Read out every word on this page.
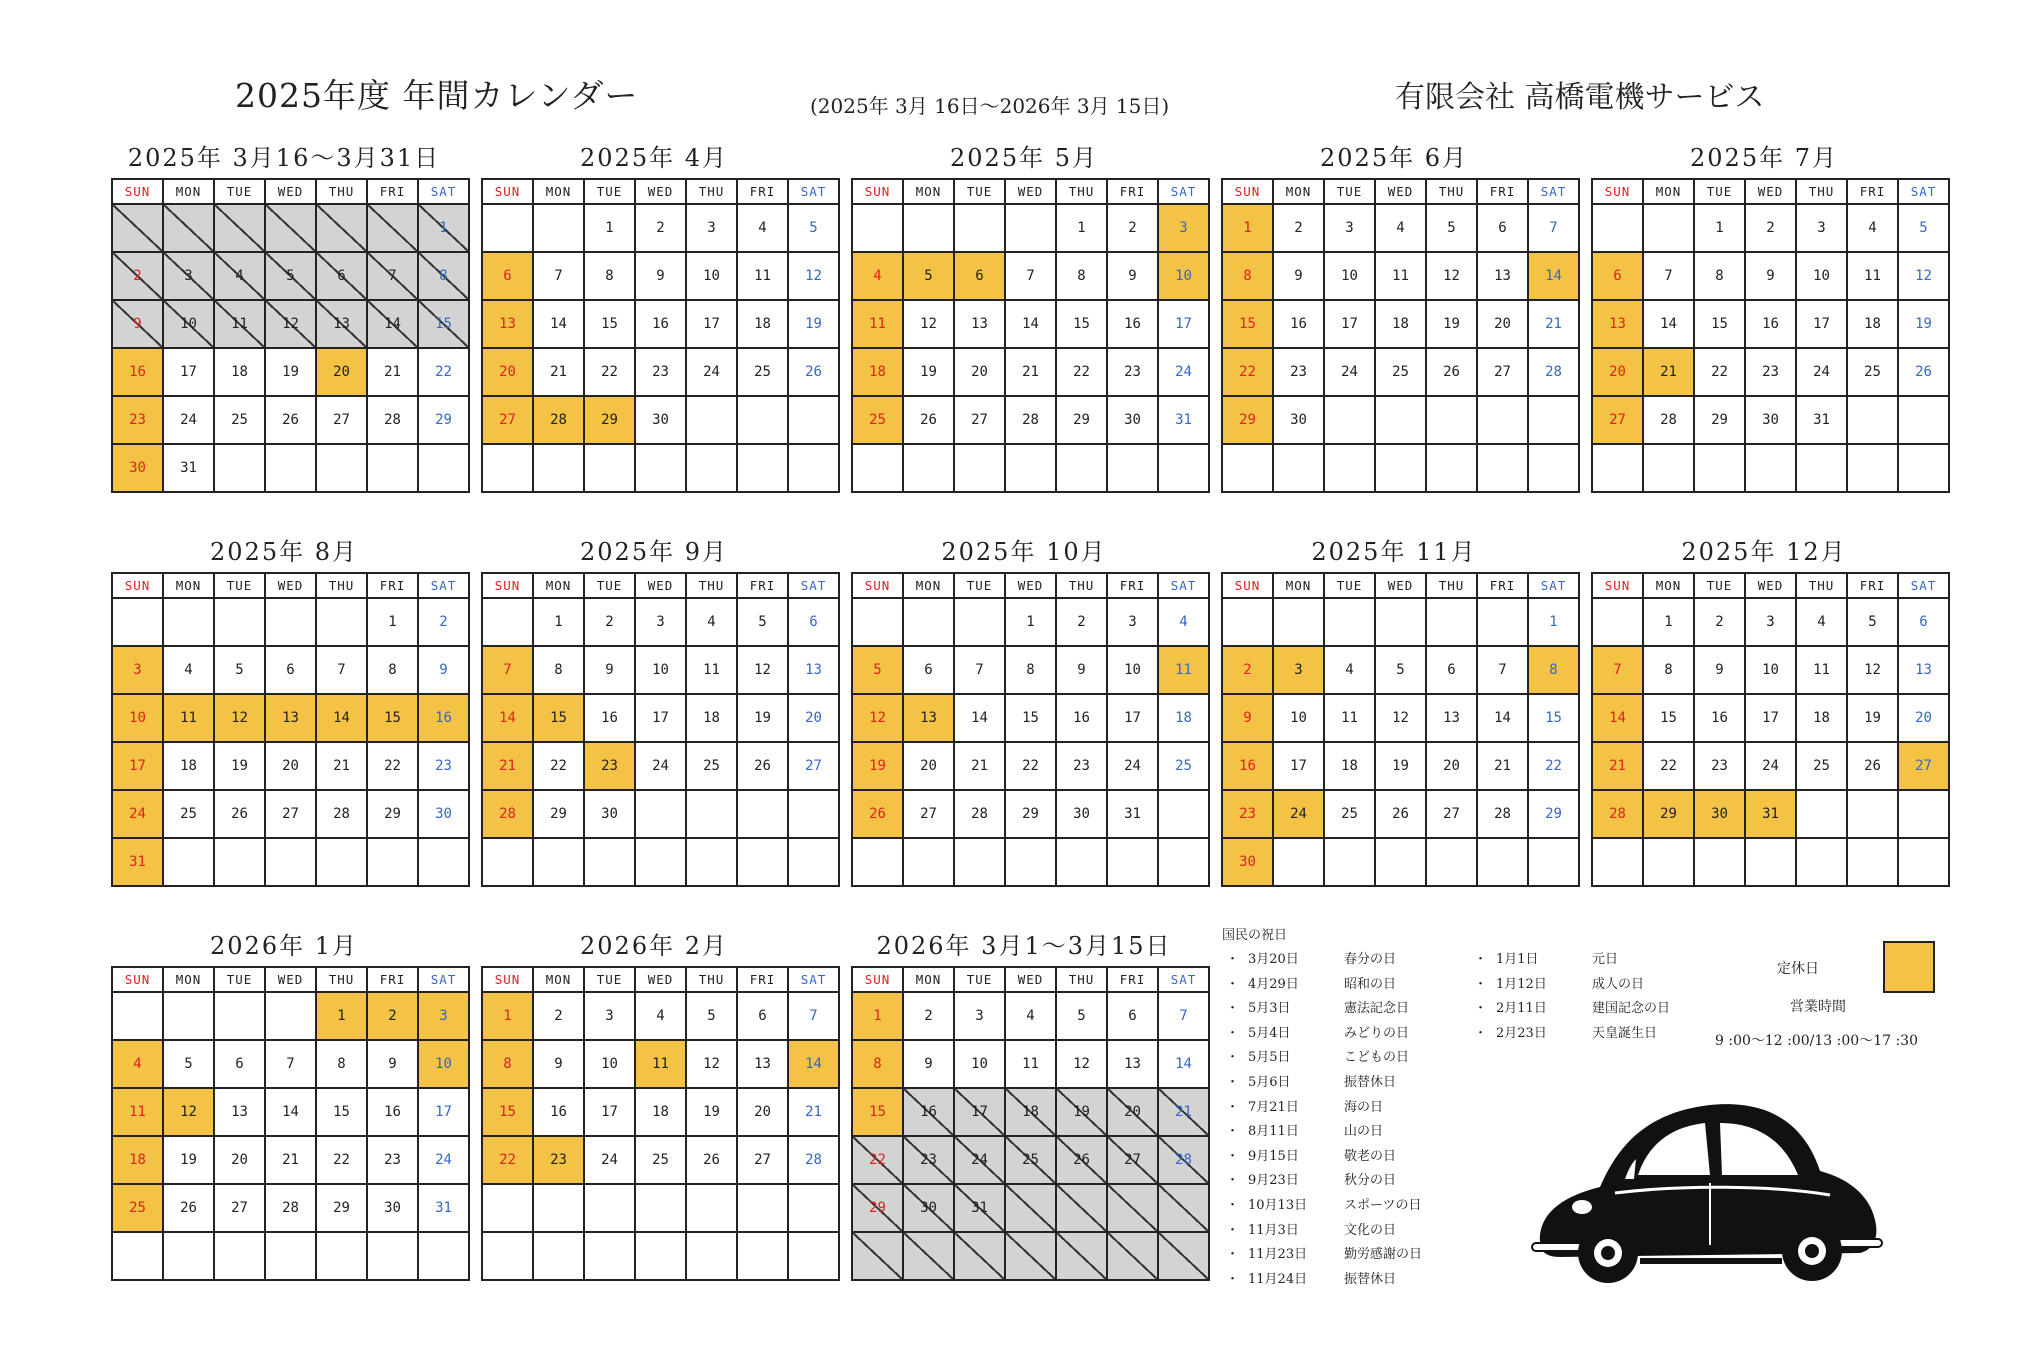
2025年度 年間カレンダー	(2025年 3月 16日～2026年 3月 15日)	有限会社 高橋電機サービス
2025年 3月16～3月31日
SUN	MON	TUE	WED	THU	FRI	SAT
						1
2	3	4	5	6	7	8
9	10	11	12	13	14	15
16	17	18	19	20	21	22
23	24	25	26	27	28	29
30	31					
2025年 4月
SUN	MON	TUE	WED	THU	FRI	SAT
		1	2	3	4	5
6	7	8	9	10	11	12
13	14	15	16	17	18	19
20	21	22	23	24	25	26
27	28	29	30			

2025年 5月
SUN	MON	TUE	WED	THU	FRI	SAT
				1	2	3
4	5	6	7	8	9	10
11	12	13	14	15	16	17
18	19	20	21	22	23	24
25	26	27	28	29	30	31

2025年 6月
SUN	MON	TUE	WED	THU	FRI	SAT
1	2	3	4	5	6	7
8	9	10	11	12	13	14
15	16	17	18	19	20	21
22	23	24	25	26	27	28
29	30					

2025年 7月
SUN	MON	TUE	WED	THU	FRI	SAT
		1	2	3	4	5
6	7	8	9	10	11	12
13	14	15	16	17	18	19
20	21	22	23	24	25	26
27	28	29	30	31		

2025年 8月
SUN	MON	TUE	WED	THU	FRI	SAT
					1	2
3	4	5	6	7	8	9
10	11	12	13	14	15	16
17	18	19	20	21	22	23
24	25	26	27	28	29	30
31						
2025年 9月
SUN	MON	TUE	WED	THU	FRI	SAT
	1	2	3	4	5	6
7	8	9	10	11	12	13
14	15	16	17	18	19	20
21	22	23	24	25	26	27
28	29	30				

2025年 10月
SUN	MON	TUE	WED	THU	FRI	SAT
			1	2	3	4
5	6	7	8	9	10	11
12	13	14	15	16	17	18
19	20	21	22	23	24	25
26	27	28	29	30	31	

2025年 11月
SUN	MON	TUE	WED	THU	FRI	SAT
						1
2	3	4	5	6	7	8
9	10	11	12	13	14	15
16	17	18	19	20	21	22
23	24	25	26	27	28	29
30						
2025年 12月
SUN	MON	TUE	WED	THU	FRI	SAT
	1	2	3	4	5	6
7	8	9	10	11	12	13
14	15	16	17	18	19	20
21	22	23	24	25	26	27
28	29	30	31			

2026年 1月
SUN	MON	TUE	WED	THU	FRI	SAT
				1	2	3
4	5	6	7	8	9	10
11	12	13	14	15	16	17
18	19	20	21	22	23	24
25	26	27	28	29	30	31

2026年 2月
SUN	MON	TUE	WED	THU	FRI	SAT
1	2	3	4	5	6	7
8	9	10	11	12	13	14
15	16	17	18	19	20	21
22	23	24	25	26	27	28

2026年 3月1～3月15日
SUN	MON	TUE	WED	THU	FRI	SAT
1	2	3	4	5	6	7
8	9	10	11	12	13	14
15	16	17	18	19	20	21
22	23	24	25	26	27	28
29	30	31				

国民の祝日
・ 3月20日	春分の日
・ 4月29日	昭和の日
・ 5月3日	憲法記念日
・ 5月4日	みどりの日
・ 5月5日	こどもの日
・ 5月6日	振替休日
・ 7月21日	海の日
・ 8月11日	山の日
・ 9月15日	敬老の日
・ 9月23日	秋分の日
・ 10月13日	スポーツの日
・ 11月3日	文化の日
・ 11月23日	勤労感謝の日
・ 11月24日	振替休日
・ 1月1日	元日
・ 1月12日	成人の日
・ 2月11日	建国記念の日
・ 2月23日	天皇誕生日
定休日
営業時間
9 :00～12 :00/13 :00～17 :30
